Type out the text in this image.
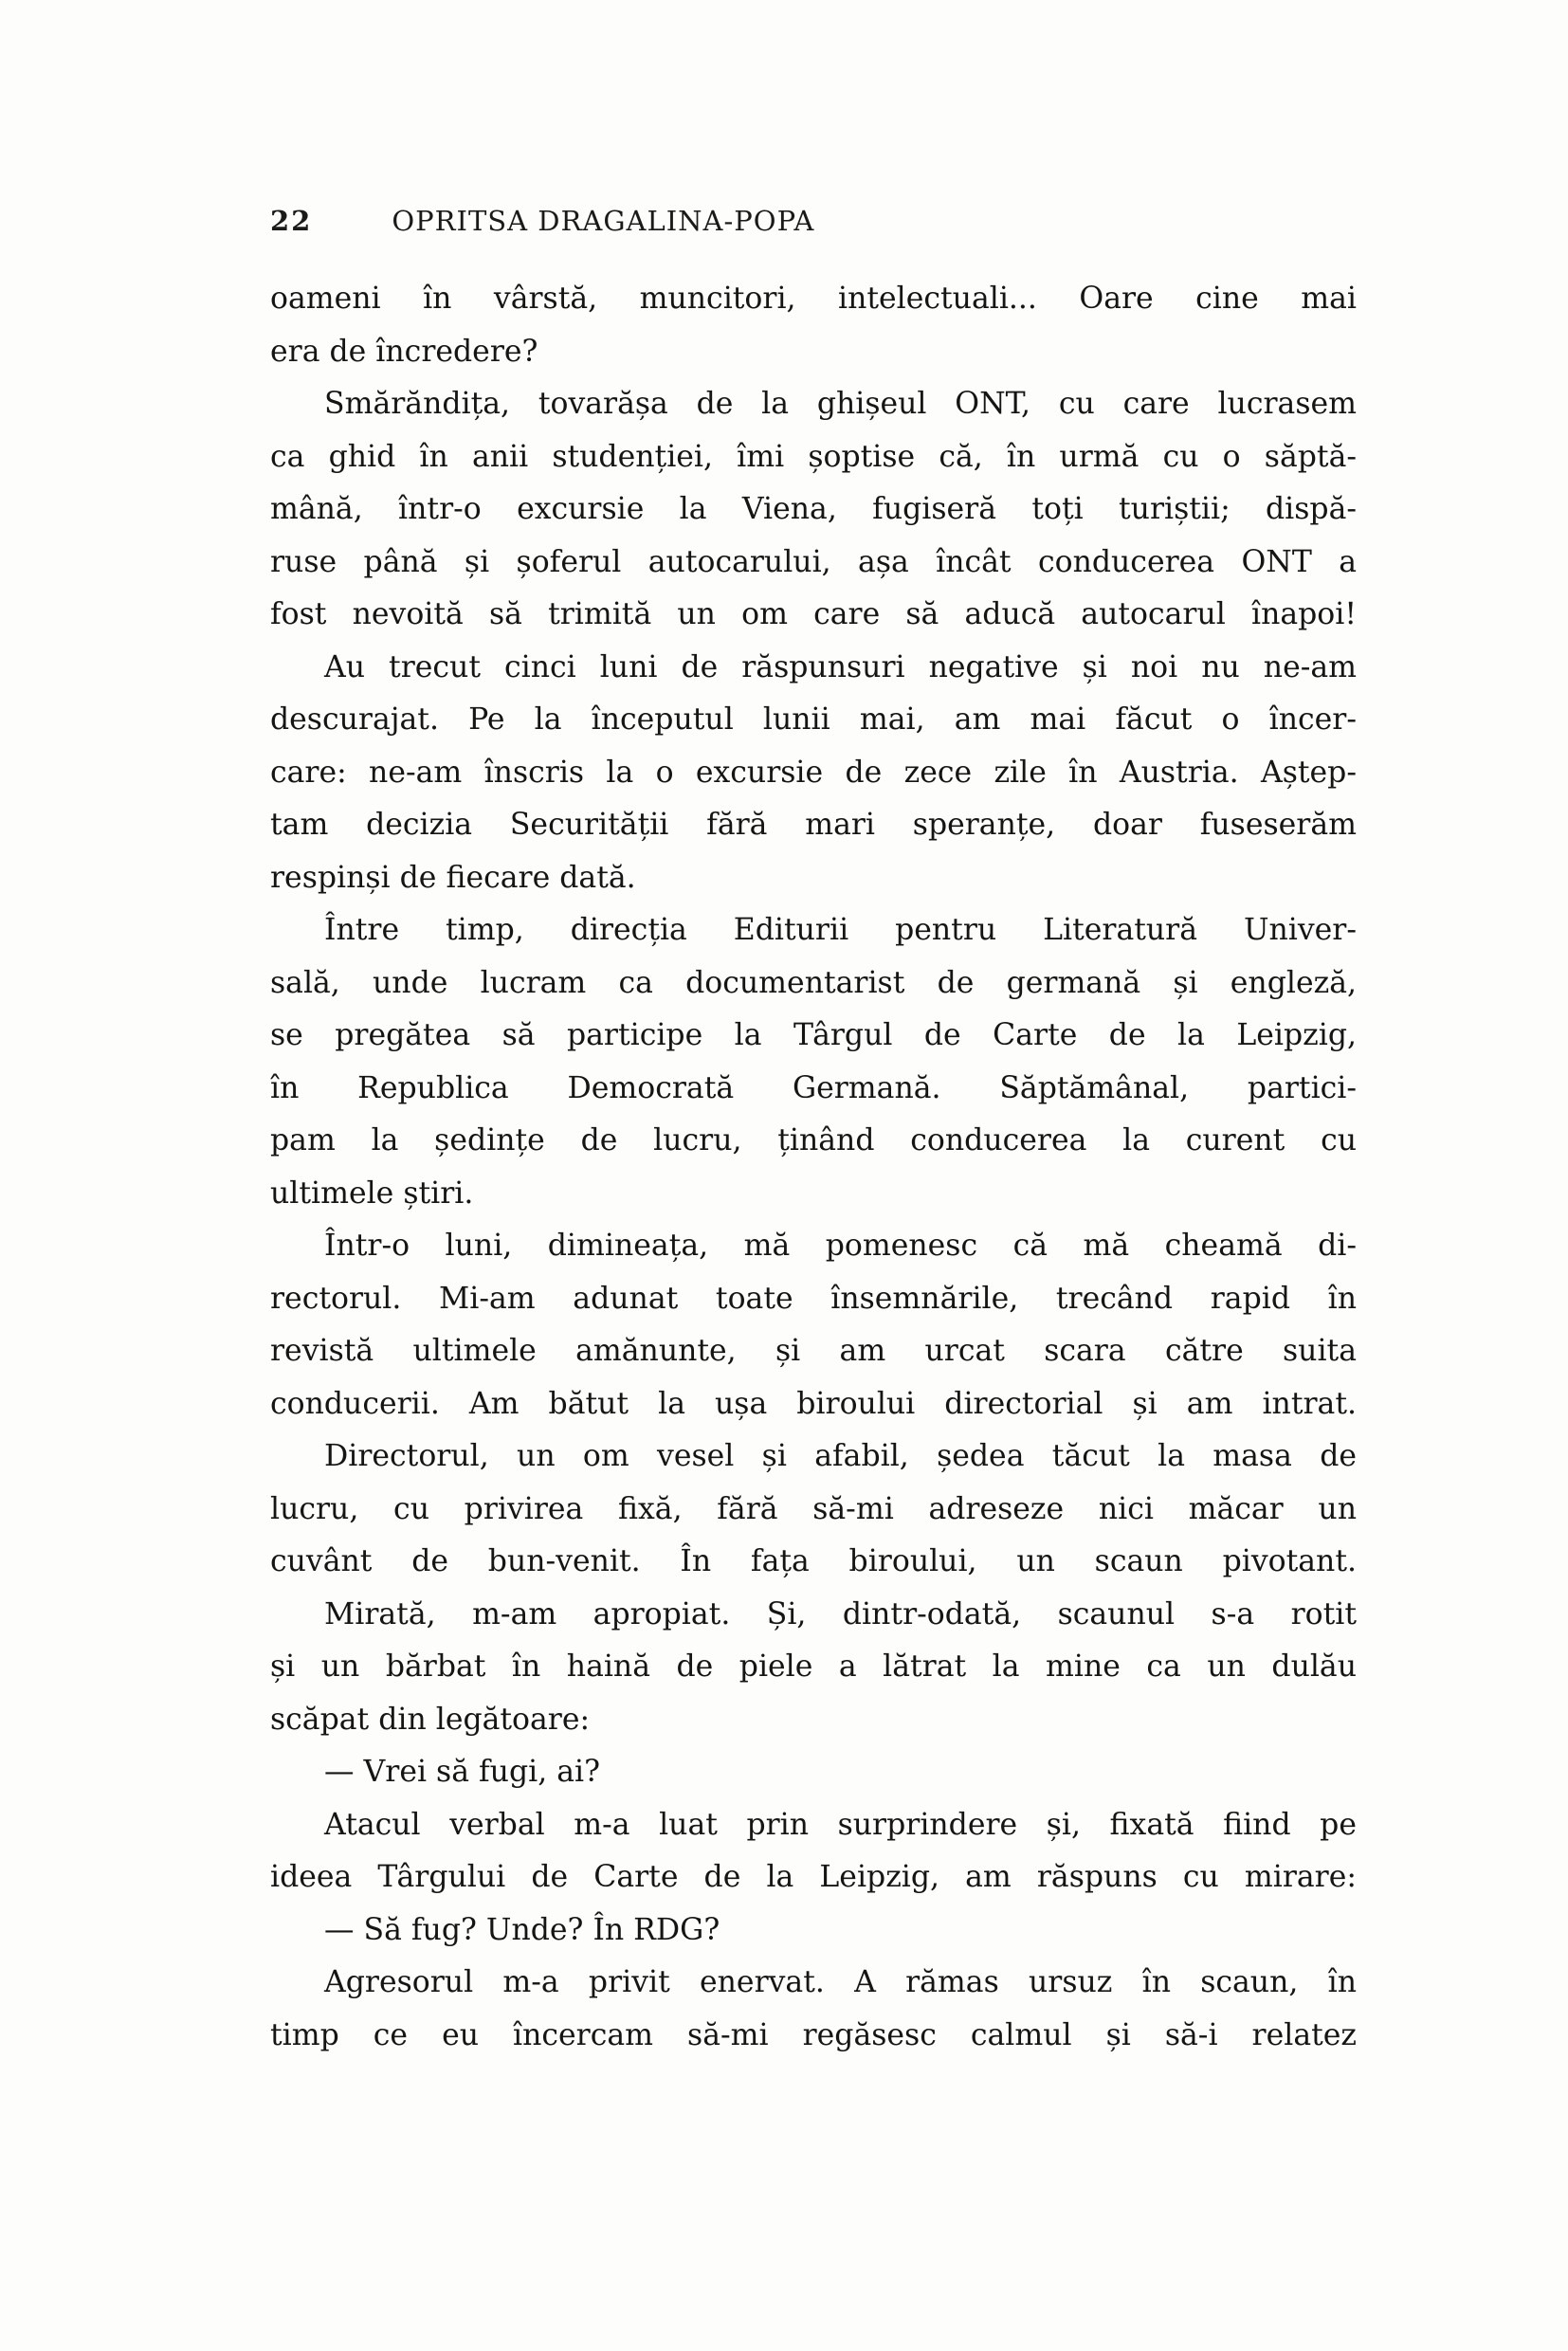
22	OPRITSA DRAGALINA-POPA
oameni în vârstă, muncitori, intelectuali... Oare cine mai
era de încredere?
Smărăndița, tovarășa de la ghișeul ONT, cu care lucrasem
ca ghid în anii studenției, îmi șoptise că, în urmă cu o săptă-
mână, într-o excursie la Viena, fugiseră toți turiștii; dispă-
ruse până și șoferul autocarului, așa încât conducerea ONT a
fost nevoită să trimită un om care să aducă autocarul înapoi!
Au trecut cinci luni de răspunsuri negative și noi nu ne-am
descurajat. Pe la începutul lunii mai, am mai făcut o încer-
care: ne-am înscris la o excursie de zece zile în Austria. Aștep-
tam decizia Securității fără mari speranțe, doar fuseserăm
respinși de fiecare dată.
Între timp, direcția Editurii pentru Literatură Univer-
sală, unde lucram ca documentarist de germană și engleză,
se pregătea să participe la Târgul de Carte de la Leipzig,
în Republica Democrată Germană. Săptămânal, partici-
pam la ședințe de lucru, ținând conducerea la curent cu
ultimele știri.
Într-o luni, dimineața, mă pomenesc că mă cheamă di-
rectorul. Mi-am adunat toate însemnările, trecând rapid în
revistă ultimele amănunte, și am urcat scara către suita
conducerii. Am bătut la ușa biroului directorial și am intrat.
Directorul, un om vesel și afabil, ședea tăcut la masa de
lucru, cu privirea fixă, fără să-mi adreseze nici măcar un
cuvânt de bun-venit. În fața biroului, un scaun pivotant.
Mirată, m-am apropiat. Și, dintr-odată, scaunul s-a rotit
și un bărbat în haină de piele a lătrat la mine ca un dulău
scăpat din legătoare:
— Vrei să fugi, ai?
Atacul verbal m-a luat prin surprindere și, fixată fiind pe
ideea Târgului de Carte de la Leipzig, am răspuns cu mirare:
— Să fug? Unde? În RDG?
Agresorul m-a privit enervat. A rămas ursuz în scaun, în
timp ce eu încercam să-mi regăsesc calmul și să-i relatez
